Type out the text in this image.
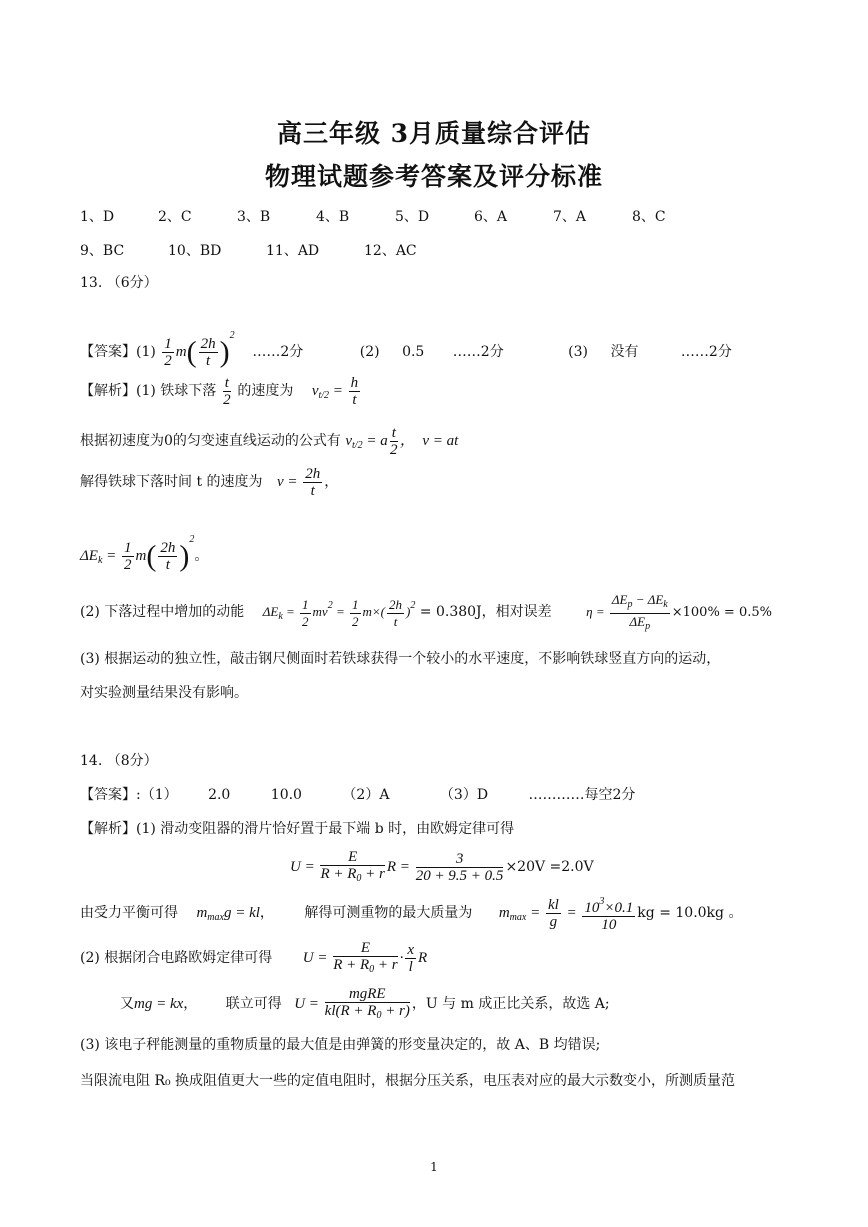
高三年级 3月质量综合评估
物理试题参考答案及评分标准
1、D	2、C	3、B	4、B	5、D	6、A	7、A	8、C
9、BC	10、BD	11、AD	12、AC
13. （6分）
【答案】$(1) \frac{1}{2} m( \frac{2h}{t} )^2$ ……2分	(2) 0.5 ……2分	(3) 没有	……2分
【解析】(1) 铁球下落 $\frac{t}{2}$ 的速度为 $v_{t/2} = \frac{h}{t}$
根据初速度为0的匀变速直线运动的公式有 $v_{t/2} = a \frac{t}{2}$ ，  v = at
解得铁球下落时间 t 的速度为 $v = \frac{2h}{t}$ ，
$\Delta E_k = \frac{1}{2} m( \frac{2h}{t} )^2$。
(2) 下落过程中增加的动能 $\Delta E_k = \frac{1}{2} mv^2 = \frac{1}{2} m\times( \frac{2h}{t} )^2 = 0.380J$，相对误差	$\eta = \frac{\Delta E_p - \Delta E_k}{\Delta E_p} \times 100\% = 0.5\%$
(3) 根据运动的独立性，敲击钢尺侧面时若铁球获得一个较小的水平速度，不影响铁球竖直方向的运动，
对实验测量结果没有影响。
14. （8分）
【答案】:（1） 2.0	10.0	（2）A	（3）D	…………每空2分
【解析】(1) 滑动变阻器的滑片恰好置于最下端 b 时，由欧姆定律可得
$U = \frac{E}{R + R_0 + r}$ $R = \frac{3}{20 + 9.5 + 0.5} \times 20V =2.0V$
由受力平衡可得 $m_{max}g$ = kl， 解得可测重物的最大质量为 $m_{max} = \frac{kl}{g} = \frac{10^3\times 0.1}{10}$ kg = 10.0kg 。
(2) 根据闭合电路欧姆定律可得 $U = \frac{E}{R + R_0 + r} \cdot \frac{x}{l}$ R
又mg = kx， 联立可得 $U = \frac{\text{mgRE}}{kl(R + R_0 + r)}$ ，U 与 m 成正比关系，故选 A;
(3) 该电子秤能测量的重物质量的最大值是由弹簧的形变量决定的，故 A、B 均错误;
当限流电阻 R₀ 换成阻值更大一些的定值电阻时，根据分压关系，电压表对应的最大示数变小，所测质量范
1
